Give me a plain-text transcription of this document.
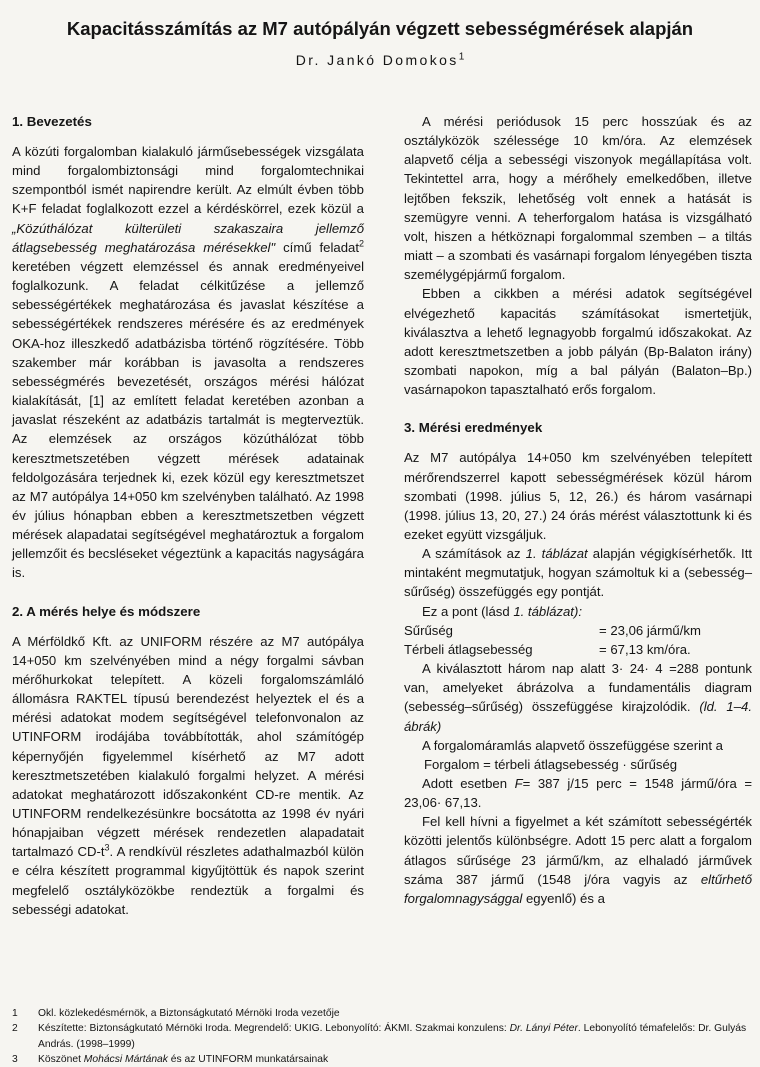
Kapacitásszámítás az M7 autópályán végzett sebességmérések alapján
Dr. Jankó Domokos$^1$
1. Bevezetés

A közúti forgalomban kialakuló járműsebességek vizsgálata mind forgalombiztonsági mind forgalomtechnikai szempontból ismét napirendre került. Az elmúlt évben több K+F feladat foglalkozott ezzel a kérdéskörrel, ezek közül a „Közúthálózat külterületi szakaszaira jellemző átlagsebesség meghatározása mérésekkel" című feladat$^2$ keretében végzett elemzéssel és annak eredményeivel foglalkozunk. A feladat célkitűzése a jellemző sebességértékek meghatározása és javaslat készítése a sebességértékek rendszeres mérésére és az eredmények OKA-hoz illeszkedő adatbázisba történő rögzítésére. Több szakember már korábban is javasolta a rendszeres sebességmérés bevezetését, országos mérési hálózat kialakítását, [1] az említett feladat keretében azonban a javaslat részeként az adatbázis tartalmát is megterveztük. Az elemzések az országos közúthálózat több keresztmetszetében végzett mérések adatainak feldolgozására terjednek ki, ezek közül egy keresztmetszet az M7 autópálya 14+050 km szelvényben található. Az 1998 év július hónapban ebben a keresztmetszetben végzett mérések alapadatai segítségével meghatároztuk a forgalom jellemzőit és becsléseket végeztünk a kapacitás nagyságára is.

2. A mérés helye és módszere

A Mérföldkő Kft. az UNIFORM részére az M7 autópálya 14+050 km szelvényében mind a négy forgalmi sávban mérőhurkokat telepített. A közeli forgalomszámláló állomásra RAKTEL típusú berendezést helyeztek el és a mérési adatokat modem segítségével telefonvonalon az UTINFORM irodájába továbbították, ahol számítógép képernyőjén figyelemmel kísérhető az M7 adott keresztmetszetében kialakuló forgalmi helyzet. A mérési adatokat meghatározott időszakonként CD-re mentik. Az UTINFORM rendelkezésünkre bocsátotta az 1998 év nyári hónapjaiban végzett mérések rendezetlen alapadatait tartalmazó $CD-t^3$. A rendkívül részletes adathalmazból külön e célra készített programmal kigyűjtöttük és napok szerint megfelelő osztályközökbe rendeztük a forgalmi és sebességi adatokat.

A mérési periódusok 15 perc hosszúak és az osztályközök szélessége 10 km/óra. Az elemzések alapvető célja a sebességi viszonyok megállapítása volt. Tekintettel arra, hogy a mérőhely emelkedőben, illetve lejtőben fekszik, lehetőség volt ennek a hatását is szemügyre venni. A teherforgalom hatása is vizsgálható volt, hiszen a hétköznapi forgalommal szemben – a tiltás miatt – a szombati és vasárnapi forgalom lényegében tiszta személygépjármű forgalom.

Ebben a cikkben a mérési adatok segítségével elvégezhető kapacitás számításokat ismertetjük, kiválasztva a lehető legnagyobb forgalmú időszakokat. Az adott keresztmetszetben a jobb pályán (Bp-Balaton irány) szombati napokon, míg a bal pályán (Balaton–Bp.) vasárnapokon tapasztalható erős forgalom.

3. Mérési eredmények

Az M7 autópálya 14+050 km szelvényében telepített mérőrendszerrel kapott sebességmérések közül három szombati (1998. július 5, 12, 26.) és három vasárnapi (1998. július 13, 20, 27.) 24 órás mérést választottunk ki és ezeket együtt vizsgáljuk.

A számítások az 1. táblázat alapján végigkísérhetők. Itt mintaként megmutatjuk, hogyan számoltuk ki a (sebesség–sűrűség) összefüggés egy pontját.

Ez a pont (lásd 1. táblázat):

Sűrűség	= 23,06 jármű/km
Térbeli átlagsebesség	= 67,13 km/óra.

A kiválasztott három nap alatt 3· 24· 4 =288 pontunk van, amelyeket ábrázolva a fundamentális diagram (sebesség–sűrűség) összefüggése kirajzolódik. (ld. 1–4. ábrák)

A forgalomáramlás alapvető összefüggése szerint a

Forgalom = térbeli átlagsebesség · sűrűség

Adott esetben F= 387 j/15 perc = 1548 jármű/óra = 23,06· 67,13.

Fel kell hívni a figyelmet a két számított sebességérték közötti jelentős különbségre. Adott 15 perc alatt a forgalom átlagos sűrűsége 23 jármű/km, az elhaladó járművek száma 387 jármű (1548 j/óra vagyis az eltűrhető forgalomnagysággal egyenlő) és a

1	Okl. közlekedésmérnök, a Biztonságkutató Mérnöki Iroda vezetője
2	Készítette: Biztonságkutató Mérnöki Iroda. Megrendelő: UKIG. Lebonyolító: ÁKMI. Szakmai konzulens: Dr. Lányi Péter. Lebonyolító témafelelős: Dr. Gulyás András. (1998–1999)
3	Köszönet Mohácsi Mártának és az UTINFORM munkatársainak
